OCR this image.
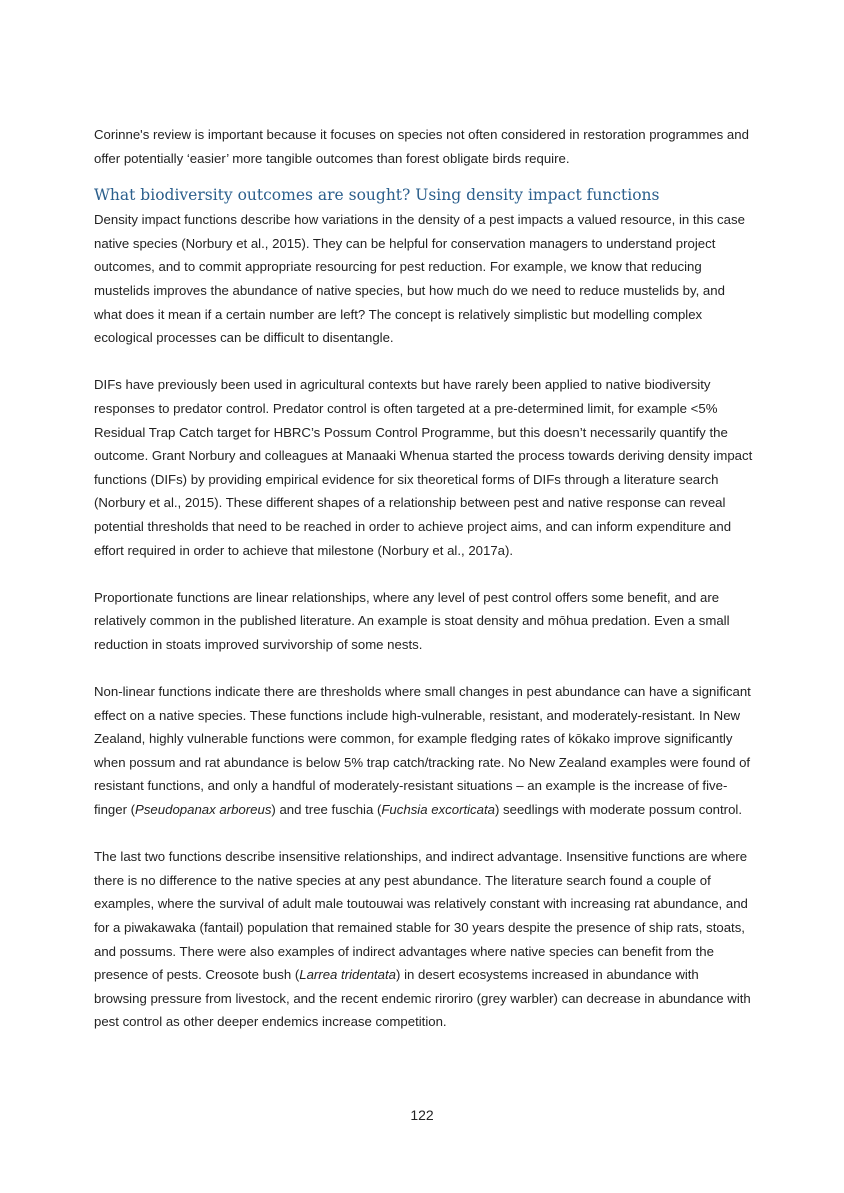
Corinne's review is important because it focuses on species not often considered in restoration programmes and offer potentially ‘easier’ more tangible outcomes than forest obligate birds require.

What biodiversity outcomes are sought? Using density impact functions

Density impact functions describe how variations in the density of a pest impacts a valued resource, in this case native species (Norbury et al., 2015). They can be helpful for conservation managers to understand project outcomes, and to commit appropriate resourcing for pest reduction. For example, we know that reducing mustelids improves the abundance of native species, but how much do we need to reduce mustelids by, and what does it mean if a certain number are left? The concept is relatively simplistic but modelling complex ecological processes can be difficult to disentangle.

DIFs have previously been used in agricultural contexts but have rarely been applied to native biodiversity responses to predator control. Predator control is often targeted at a pre-determined limit, for example <5% Residual Trap Catch target for HBRC’s Possum Control Programme, but this doesn’t necessarily quantify the outcome. Grant Norbury and colleagues at Manaaki Whenua started the process towards deriving density impact functions (DIFs) by providing empirical evidence for six theoretical forms of DIFs through a literature search (Norbury et al., 2015). These different shapes of a relationship between pest and native response can reveal potential thresholds that need to be reached in order to achieve project aims, and can inform expenditure and effort required in order to achieve that milestone (Norbury et al., 2017a).

Proportionate functions are linear relationships, where any level of pest control offers some benefit, and are relatively common in the published literature. An example is stoat density and mōhua predation. Even a small reduction in stoats improved survivorship of some nests.

Non-linear functions indicate there are thresholds where small changes in pest abundance can have a significant effect on a native species. These functions include high-vulnerable, resistant, and moderately-resistant. In New Zealand, highly vulnerable functions were common, for example fledging rates of kōkako improve significantly when possum and rat abundance is below 5% trap catch/tracking rate. No New Zealand examples were found of resistant functions, and only a handful of moderately-resistant situations – an example is the increase of five-finger (Pseudopanax arboreus) and tree fuschia (Fuchsia excorticata) seedlings with moderate possum control.

The last two functions describe insensitive relationships, and indirect advantage. Insensitive functions are where there is no difference to the native species at any pest abundance. The literature search found a couple of examples, where the survival of adult male toutouwai was relatively constant with increasing rat abundance, and for a piwakawaka (fantail) population that remained stable for 30 years despite the presence of ship rats, stoats, and possums. There were also examples of indirect advantages where native species can benefit from the presence of pests. Creosote bush (Larrea tridentata) in desert ecosystems increased in abundance with browsing pressure from livestock, and the recent endemic riroriro (grey warbler) can decrease in abundance with pest control as other deeper endemics increase competition.

122
